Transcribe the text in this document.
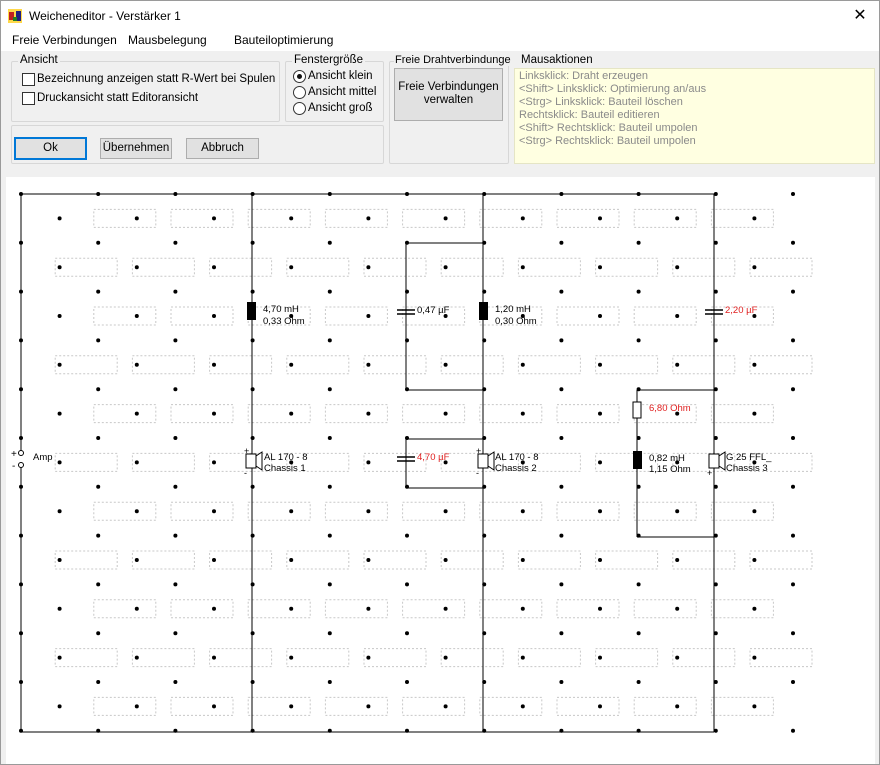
Weicheneditor - Verstärker 1	✕
Freie Verbindungen Mausbelegung Bauteiloptimierung
Ansicht
Bezeichnung anzeigen statt R-Wert bei Spulen
Druckansicht statt Editoransicht
Fenstergröße
Ansicht klein
Ansicht mittel
Ansicht groß
Ok	Übernehmen	Abbruch
Freie Drahtverbindunge
Freie Verbindungen
verwalten
Mausaktionen
Linksklick: Draht erzeugen
<Shift> Linksklick: Optimierung an/aus
<Strg> Linksklick: Bauteil löschen
Rechtsklick: Bauteil editieren
<Shift> Rechtsklick: Bauteil umpolen
<Strg> Rechtsklick: Bauteil umpolen
+
-
Amp
4,70 mH
0,33 Ohm
0,47 µF	1,20 mH
0,30 Ohm
2,20 µF
+
-
AL 170 - 8
Chassis 1
4,70 µF
+
-
AL 170 - 8
Chassis 2
6,80 Ohm
0,82 mH
1,15 Ohm +
G 25 FFL_
Chassis 3
